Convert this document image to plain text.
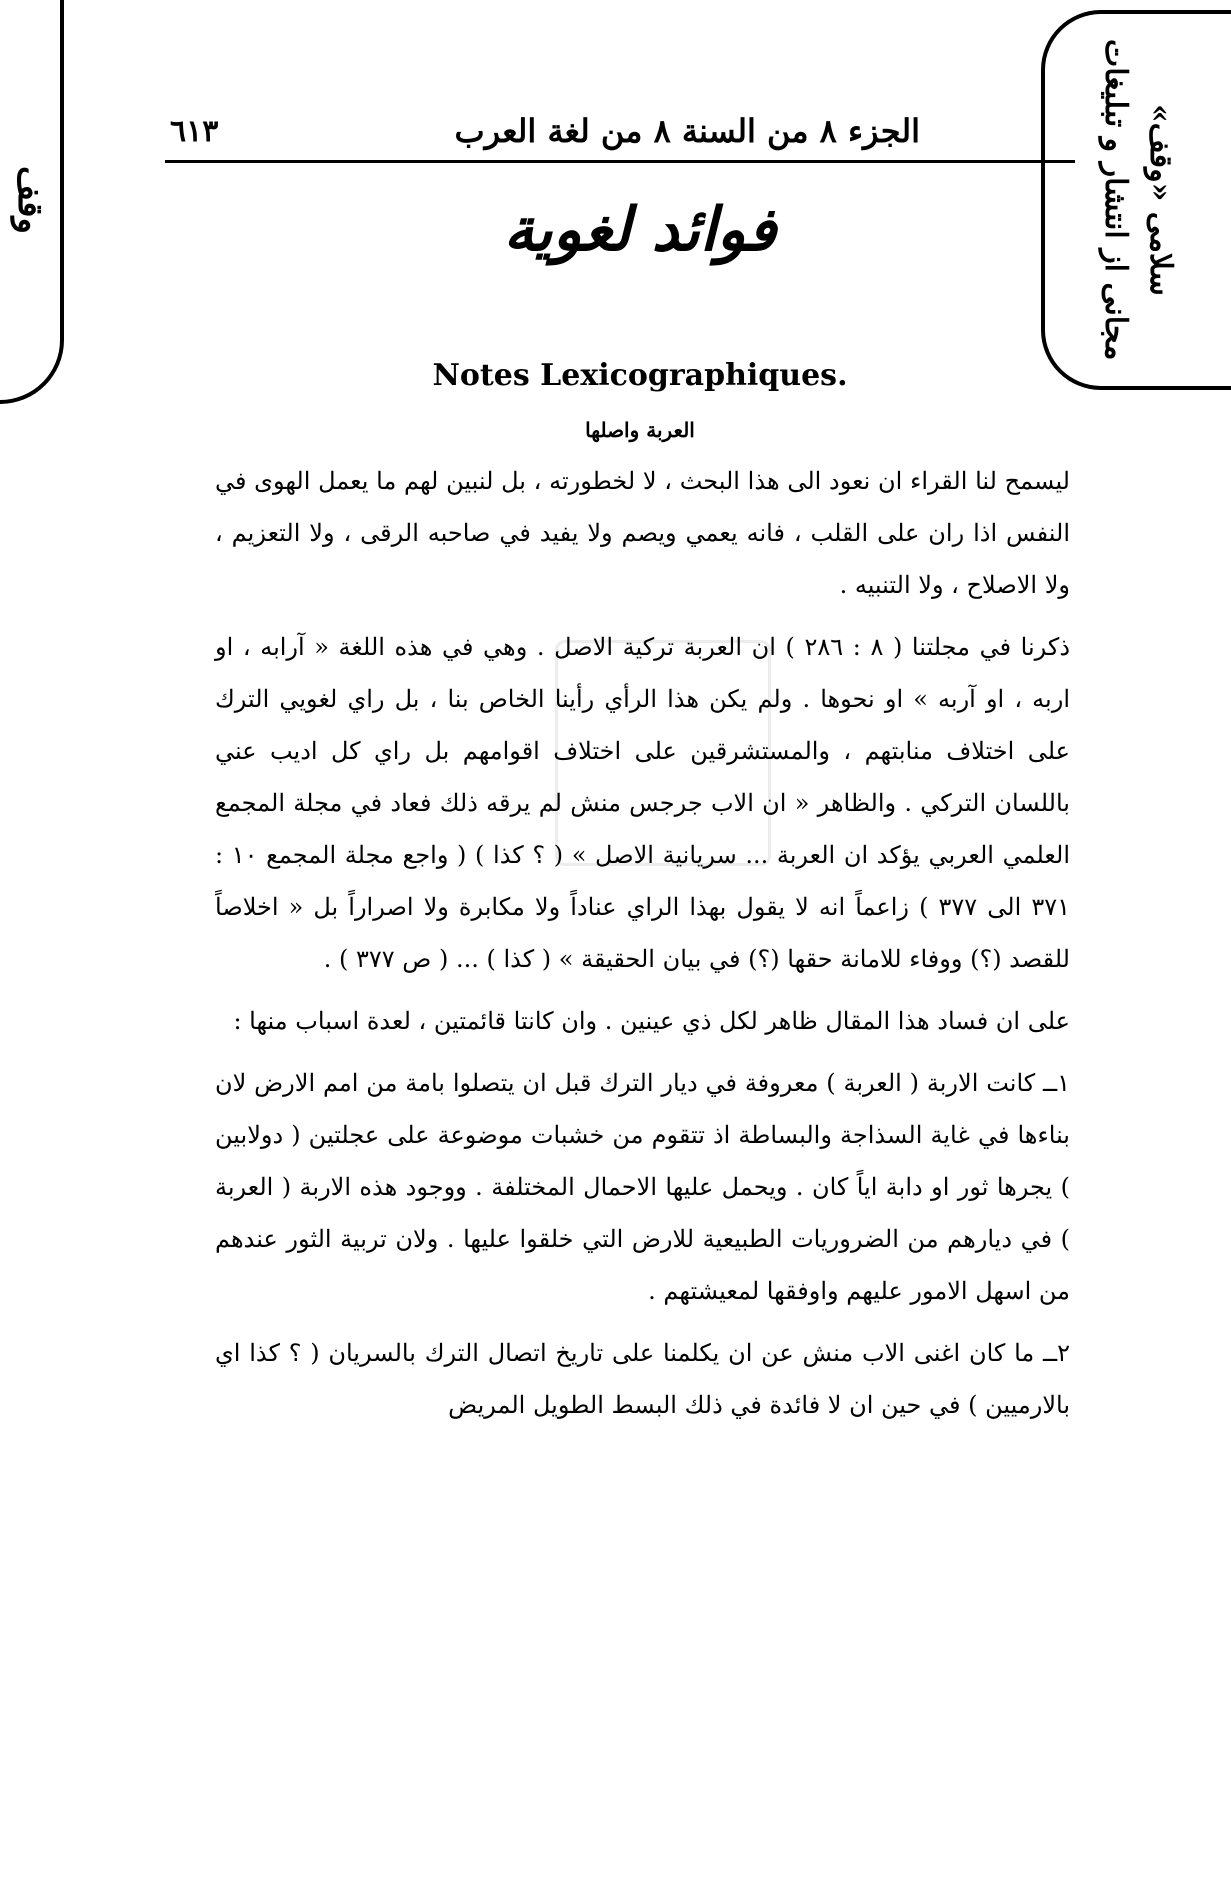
وقف	مجانی از انتشار و تبلیغات سلامی «وقف»
الجزء ٨ من السنة ٨ من لغة العرب
٦١٣
فوائد لغوية
Notes Lexicographiques.
العربة واصلها

ليسمح لنا القراء ان نعود الى هذا البحث ، لا لخطورته ، بل لنبين لهم ما يعمل الهوى في النفس اذا ران على القلب ، فانه يعمي ويصم ولا يفيد في صاحبه الرقى ، ولا التعزيم ، ولا الاصلاح ، ولا التنبيه .

ذكرنا في مجلتنا ( ٨ : ٢٨٦ ) ان العربة تركية الاصل . وهي في هذه اللغة « آرابه ، او اربه ، او آربه » او نحوها . ولم يكن هذا الرأي رأينا الخاص بنا ، بل راي لغويي الترك على اختلاف منابتهم ، والمستشرقين على اختلاف اقوامهم بل راي كل اديب عني باللسان التركي . والظاهر « ان الاب جرجس منش لم يرقه ذلك فعاد في مجلة المجمع العلمي العربي يؤكد ان العربة ... سريانية الاصل » ( ؟ كذا ) ( واجع مجلة المجمع ١٠ : ٣٧١ الى ٣٧٧ ) زاعماً انه لا يقول بهذا الراي عناداً ولا مكابرة ولا اصراراً بل « اخلاصاً للقصد (؟) ووفاء للامانة حقها (؟) في بيان الحقيقة » ( كذا ) ... ( ص ٣٧٧ ) .

على ان فساد هذا المقال ظاهر لكل ذي عينين . وان كانتا قائمتين ، لعدة اسباب منها :

١ــ كانت الاربة ( العربة ) معروفة في ديار الترك قبل ان يتصلوا بامة من امم الارض لان بناءها في غاية السذاجة والبساطة اذ تتقوم من خشبات موضوعة على عجلتين ( دولابين ) يجرها ثور او دابة اياً كان . ويحمل عليها الاحمال المختلفة . ووجود هذه الاربة ( العربة ) في ديارهم من الضروريات الطبيعية للارض التي خلقوا عليها . ولان تربية الثور عندهم من اسهل الامور عليهم واوفقها لمعيشتهم .

٢ــ ما كان اغنى الاب منش عن ان يكلمنا على تاريخ اتصال الترك بالسريان ( ؟ كذا اي بالارميين ) في حين ان لا فائدة في ذلك البسط الطويل المريض
